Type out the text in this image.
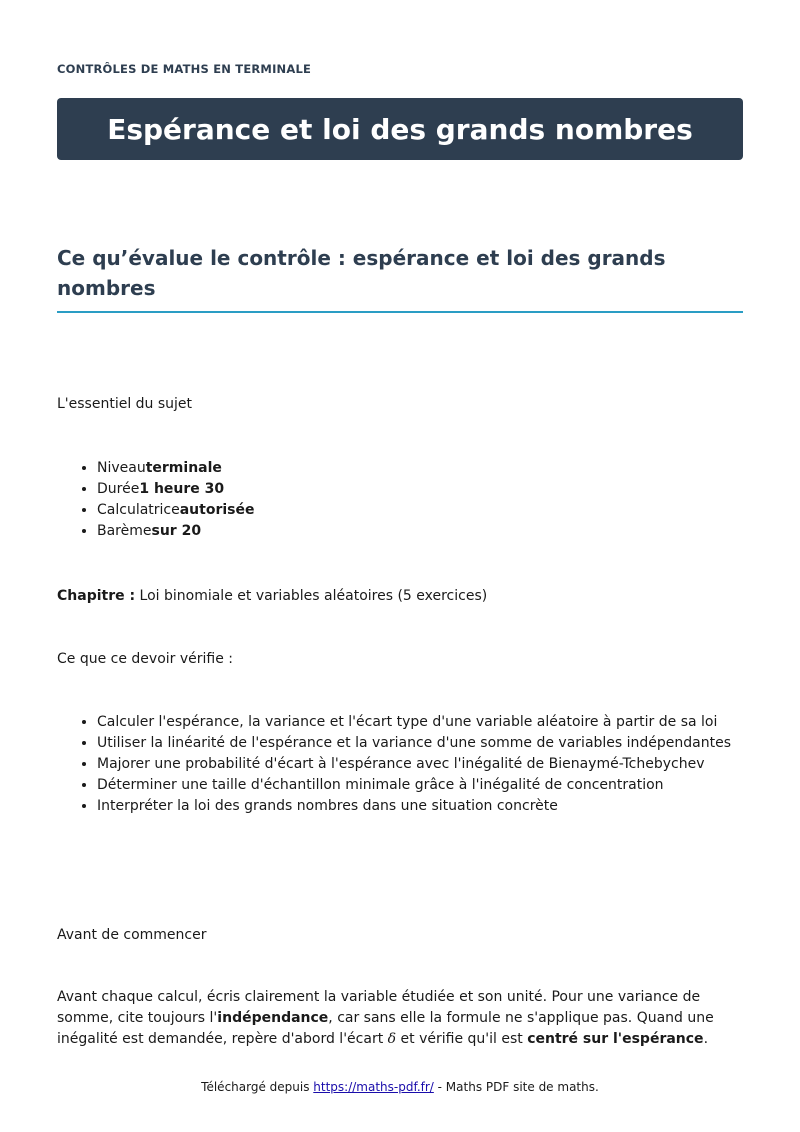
CONTRÔLES DE MATHS EN TERMINALE
Espérance et loi des grands nombres
Ce qu’évalue le contrôle : espérance et loi des grands nombres

L'essentiel du sujet

• Niveauterminale
• Durée1 heure 30
• Calculatriceautorisée
• Barèmesur 20

Chapitre : Loi binomiale et variables aléatoires (5 exercices)

Ce que ce devoir vérifie :

• Calculer l'espérance, la variance et l'écart type d'une variable aléatoire à partir de sa loi
• Utiliser la linéarité de l'espérance et la variance d'une somme de variables indépendantes
• Majorer une probabilité d'écart à l'espérance avec l'inégalité de Bienaymé-Tchebychev
• Déterminer une taille d'échantillon minimale grâce à l'inégalité de concentration
• Interpréter la loi des grands nombres dans une situation concrète

Avant de commencer

Avant chaque calcul, écris clairement la variable étudiée et son unité. Pour une variance de somme, cite toujours l'indépendance, car sans elle la formule ne s'applique pas. Quand une inégalité est demandée, repère d'abord l'écart δ et vérifie qu'il est centré sur l'espérance.

Téléchargé depuis https://maths-pdf.fr/ - Maths PDF site de maths.
